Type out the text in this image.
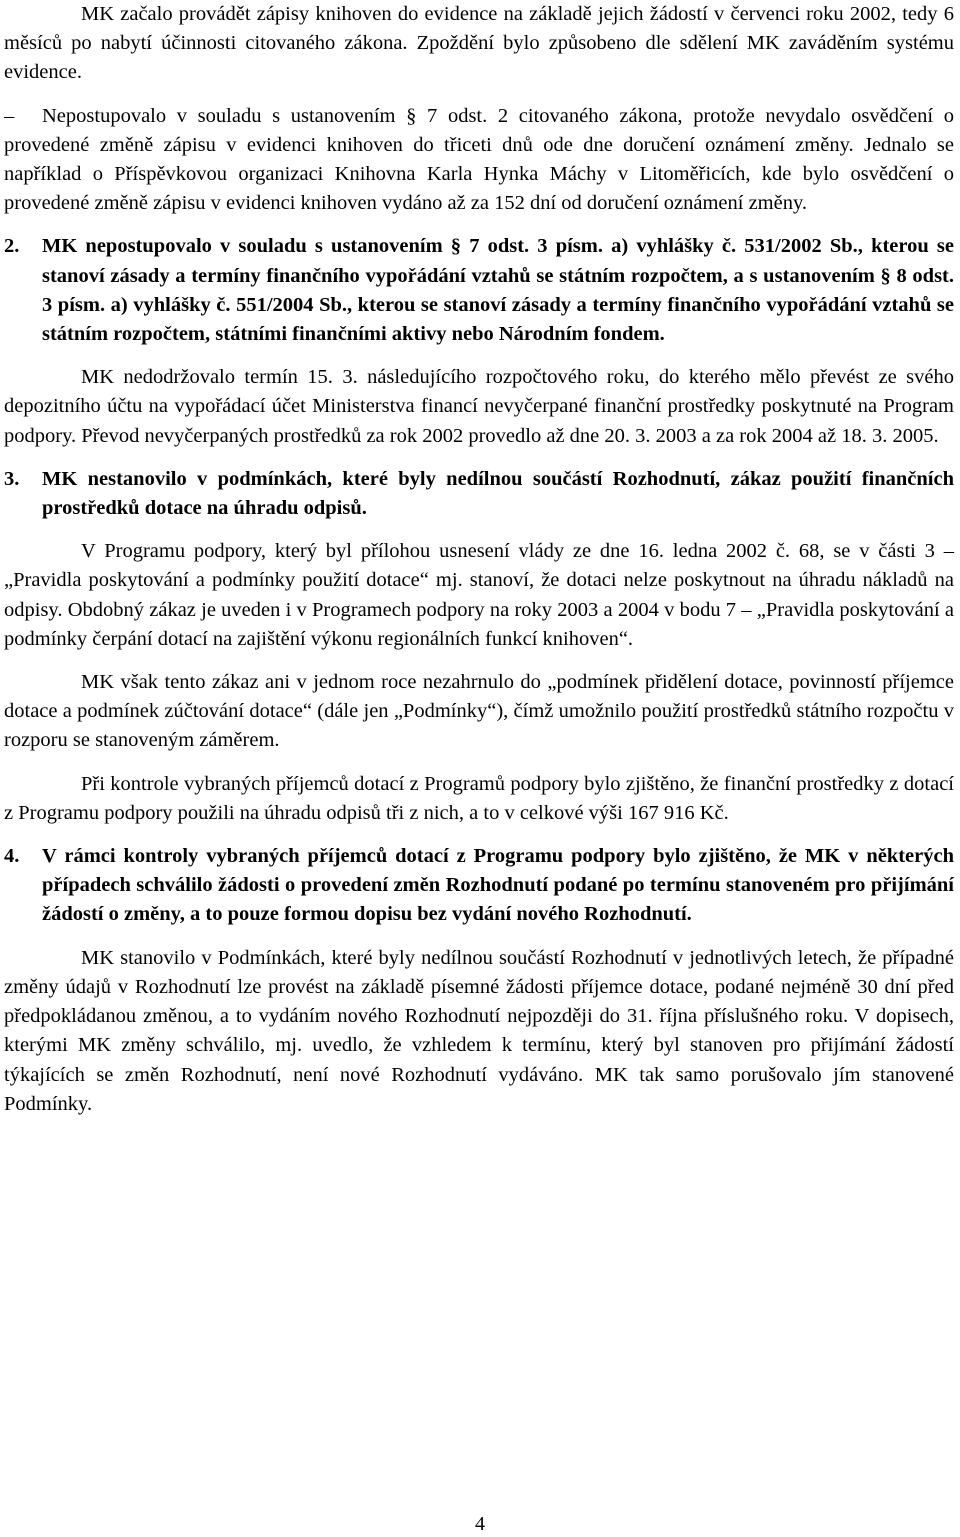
MK začalo provádět zápisy knihoven do evidence na základě jejich žádostí v červenci roku 2002, tedy 6 měsíců po nabytí účinnosti citovaného zákona. Zpoždění bylo způsobeno dle sdělení MK zaváděním systému evidence.

– Nepostupovalo v souladu s ustanovením § 7 odst. 2 citovaného zákona, protože nevydalo osvědčení o provedené změně zápisu v evidenci knihoven do třiceti dnů ode dne doručení oznámení změny. Jednalo se například o Příspěvkovou organizaci Knihovna Karla Hynka Máchy v Litoměřicích, kde bylo osvědčení o provedené změně zápisu v evidenci knihoven vydáno až za 152 dní od doručení oznámení změny.

2. MK nepostupovalo v souladu s ustanovením § 7 odst. 3 písm. a) vyhlášky č. 531/2002 Sb., kterou se stanoví zásady a termíny finančního vypořádání vztahů se státním rozpočtem, a s ustanovením § 8 odst. 3 písm. a) vyhlášky č. 551/2004 Sb., kterou se stanoví zásady a termíny finančního vypořádání vztahů se státním rozpočtem, státními finančními aktivy nebo Národním fondem.

MK nedodržovalo termín 15. 3. následujícího rozpočtového roku, do kterého mělo převést ze svého depozitního účtu na vypořádací účet Ministerstva financí nevyčerpané finanční prostředky poskytnuté na Program podpory. Převod nevyčerpaných prostředků za rok 2002 provedlo až dne 20. 3. 2003 a za rok 2004 až 18. 3. 2005.

3. MK nestanovilo v podmínkách, které byly nedílnou součástí Rozhodnutí, zákaz použití finančních prostředků dotace na úhradu odpisů.

V Programu podpory, který byl přílohou usnesení vlády ze dne 16. ledna 2002 č. 68, se v části 3 – „Pravidla poskytování a podmínky použití dotace“ mj. stanoví, že dotaci nelze poskytnout na úhradu nákladů na odpisy. Obdobný zákaz je uveden i v Programech podpory na roky 2003 a 2004 v bodu 7 – „Pravidla poskytování a podmínky čerpání dotací na zajištění výkonu regionálních funkcí knihoven“.

MK však tento zákaz ani v jednom roce nezahrnulo do „podmínek přidělení dotace, povinností příjemce dotace a podmínek zúčtování dotace“ (dále jen „Podmínky“), čímž umožnilo použití prostředků státního rozpočtu v rozporu se stanoveným záměrem.

Při kontrole vybraných příjemců dotací z Programů podpory bylo zjištěno, že finanční prostředky z dotací z Programu podpory použili na úhradu odpisů tři z nich, a to v celkové výši 167 916 Kč.

4. V rámci kontroly vybraných příjemců dotací z Programu podpory bylo zjištěno, že MK v některých případech schválilo žádosti o provedení změn Rozhodnutí podané po termínu stanoveném pro přijímání žádostí o změny, a to pouze formou dopisu bez vydání nového Rozhodnutí.

MK stanovilo v Podmínkách, které byly nedílnou součástí Rozhodnutí v jednotlivých letech, že případné změny údajů v Rozhodnutí lze provést na základě písemné žádosti příjemce dotace, podané nejméně 30 dní před předpokládanou změnou, a to vydáním nového Rozhodnutí nejpozději do 31. října příslušného roku. V dopisech, kterými MK změny schválilo, mj. uvedlo, že vzhledem k termínu, který byl stanoven pro přijímání žádostí týkajících se změn Rozhodnutí, není nové Rozhodnutí vydáváno. MK tak samo porušovalo jím stanovené Podmínky.

4
